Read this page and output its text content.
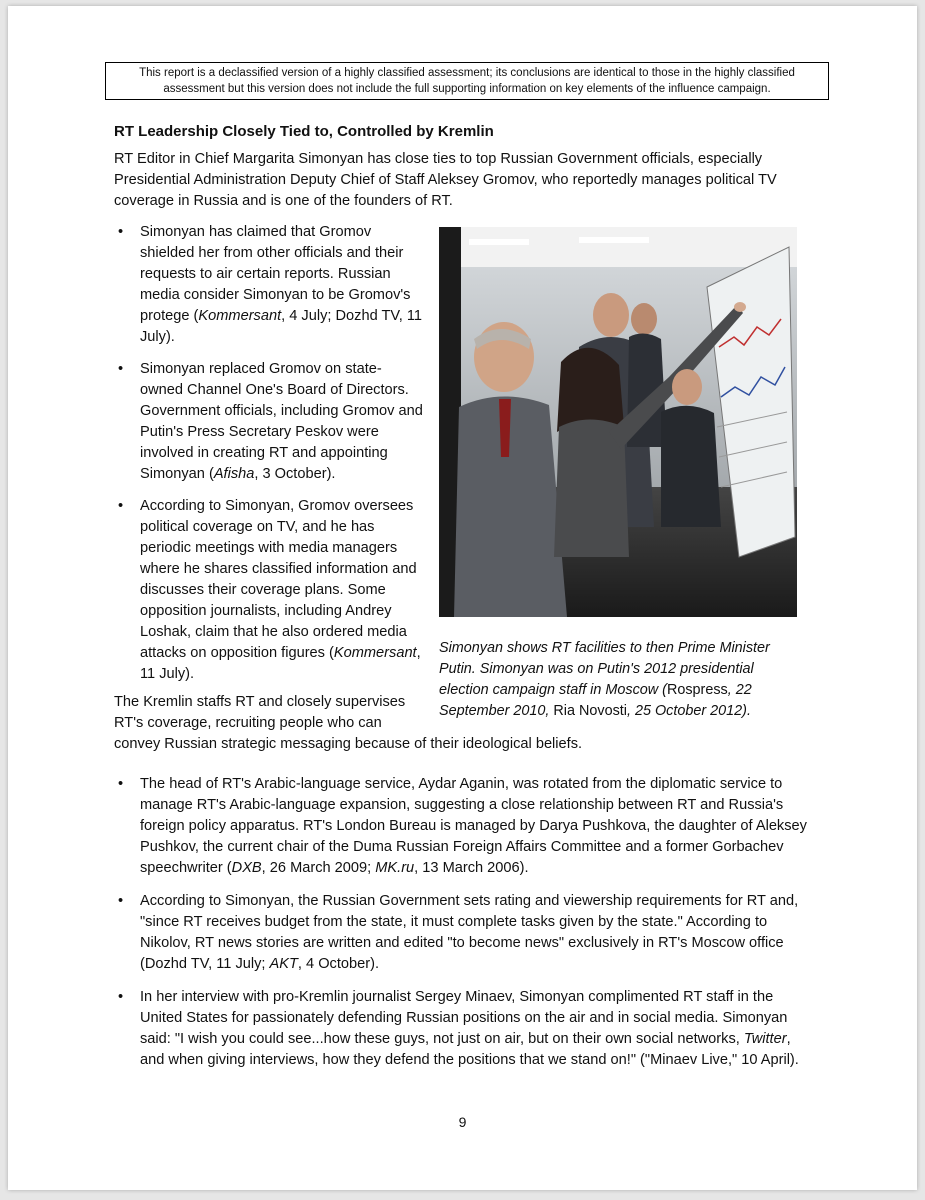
This report is a declassified version of a highly classified assessment; its conclusions are identical to those in the highly classified assessment but this version does not include the full supporting information on key elements of the influence campaign.
RT Leadership Closely Tied to, Controlled by Kremlin
RT Editor in Chief Margarita Simonyan has close ties to top Russian Government officials, especially Presidential Administration Deputy Chief of Staff Aleksey Gromov, who reportedly manages political TV coverage in Russia and is one of the founders of RT.
• Simonyan has claimed that Gromov shielded her from other officials and their requests to air certain reports. Russian media consider Simonyan to be Gromov's protege (Kommersant, 4 July; Dozhd TV, 11 July).
• Simonyan replaced Gromov on state-owned Channel One's Board of Directors. Government officials, including Gromov and Putin's Press Secretary Peskov were involved in creating RT and appointing Simonyan (Afisha, 3 October).
• According to Simonyan, Gromov oversees political coverage on TV, and he has periodic meetings with media managers where he shares classified information and discusses their coverage plans. Some opposition journalists, including Andrey Loshak, claim that he also ordered media attacks on opposition figures (Kommersant, 11 July).
Simonyan shows RT facilities to then Prime Minister Putin. Simonyan was on Putin's 2012 presidential election campaign staff in Moscow (Rospress, 22 September 2010, Ria Novosti, 25 October 2012).
The Kremlin staffs RT and closely supervises RT's coverage, recruiting people who can
convey Russian strategic messaging because of their ideological beliefs.
• The head of RT's Arabic-language service, Aydar Aganin, was rotated from the diplomatic service to manage RT's Arabic-language expansion, suggesting a close relationship between RT and Russia's foreign policy apparatus. RT's London Bureau is managed by Darya Pushkova, the daughter of Aleksey Pushkov, the current chair of the Duma Russian Foreign Affairs Committee and a former Gorbachev speechwriter (DXB, 26 March 2009; MK.ru, 13 March 2006).
• According to Simonyan, the Russian Government sets rating and viewership requirements for RT and, "since RT receives budget from the state, it must complete tasks given by the state." According to Nikolov, RT news stories are written and edited "to become news" exclusively in RT's Moscow office (Dozhd TV, 11 July; AKT, 4 October).
• In her interview with pro-Kremlin journalist Sergey Minaev, Simonyan complimented RT staff in the United States for passionately defending Russian positions on the air and in social media. Simonyan said: "I wish you could see...how these guys, not just on air, but on their own social networks, Twitter, and when giving interviews, how they defend the positions that we stand on!" ("Minaev Live," 10 April).
9
